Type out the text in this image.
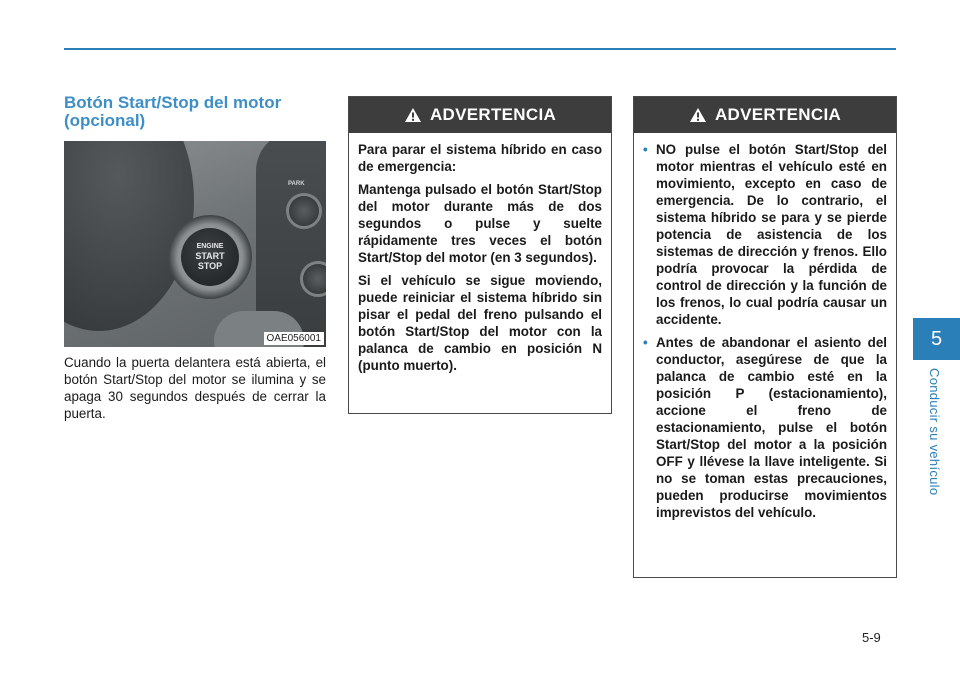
Botón Start/Stop del motor (opcional)
PARK
ENGINE
START
STOP
OAE056001

Cuando la puerta delantera está abierta, el botón Start/Stop del motor se ilumina y se apaga 30 segundos después de cerrar la puerta.

ADVERTENCIA

Para parar el sistema híbrido en caso de emergencia:

Mantenga pulsado el botón Start/Stop del motor durante más de dos segundos o pulse y suelte rápidamente tres veces el botón Start/Stop del motor (en 3 segundos).

Si el vehículo se sigue moviendo, puede reiniciar el sistema híbrido sin pisar el pedal del freno pulsando el botón Start/Stop del motor con la palanca de cambio en posición N (punto muerto).

ADVERTENCIA
• NO pulse el botón Start/Stop del motor mientras el vehículo esté en movimiento, excepto en caso de emergencia. De lo contrario, el sistema híbrido se para y se pierde potencia de asistencia de los sistemas de dirección y frenos. Ello podría provocar la pérdida de control de dirección y la función de los frenos, lo cual podría causar un accidente.
• Antes de abandonar el asiento del conductor, asegúrese de que la palanca de cambio esté en la posición P (estacionamiento), accione el freno de estacionamiento, pulse el botón Start/Stop del motor a la posición OFF y llévese la llave inteligente. Si no se toman estas precauciones, pueden producirse movimientos imprevistos del vehículo.
5
Conducir su vehículo
5-9
